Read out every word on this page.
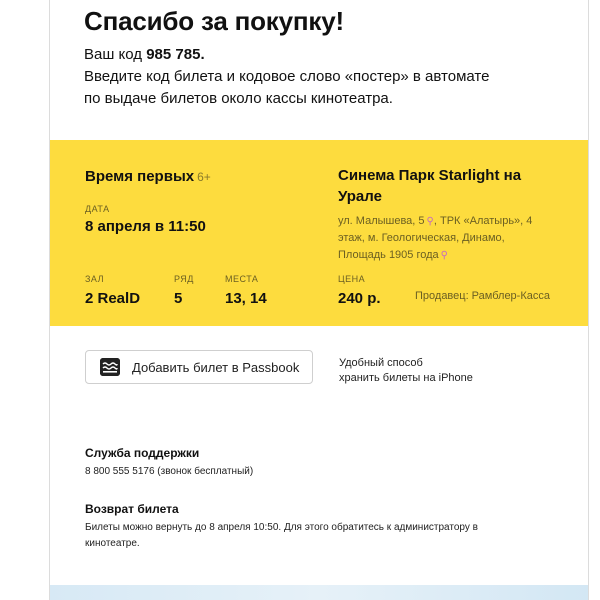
Спасибо за покупку!
Ваш код 985 785.
Введите код билета и кодовое слово «постер» в автомате
по выдаче билетов около кассы кинотеатра.
Время первых 6+
ДАТА
8 апреля в 11:50
ЗАЛ
2 RealD
РЯД
5
МЕСТА
13, 14
Синема Парк Starlight на Урале
ул. Малышева, 5 ⚲, ТРК «Алатырь», 4 этаж, м. Геологическая, Динамо, Площадь 1905 года ⚲
ЦЕНА
240 р.	Продавец: Рамблер-Касса
Добавить билет в Passbook	Удобный способ
хранить билеты на iPhone
Служба поддержки
8 800 555 5176 (звонок бесплатный)
Возврат билета
Билеты можно вернуть до 8 апреля 10:50. Для этого обратитесь к администратору в
кинотеатре.
